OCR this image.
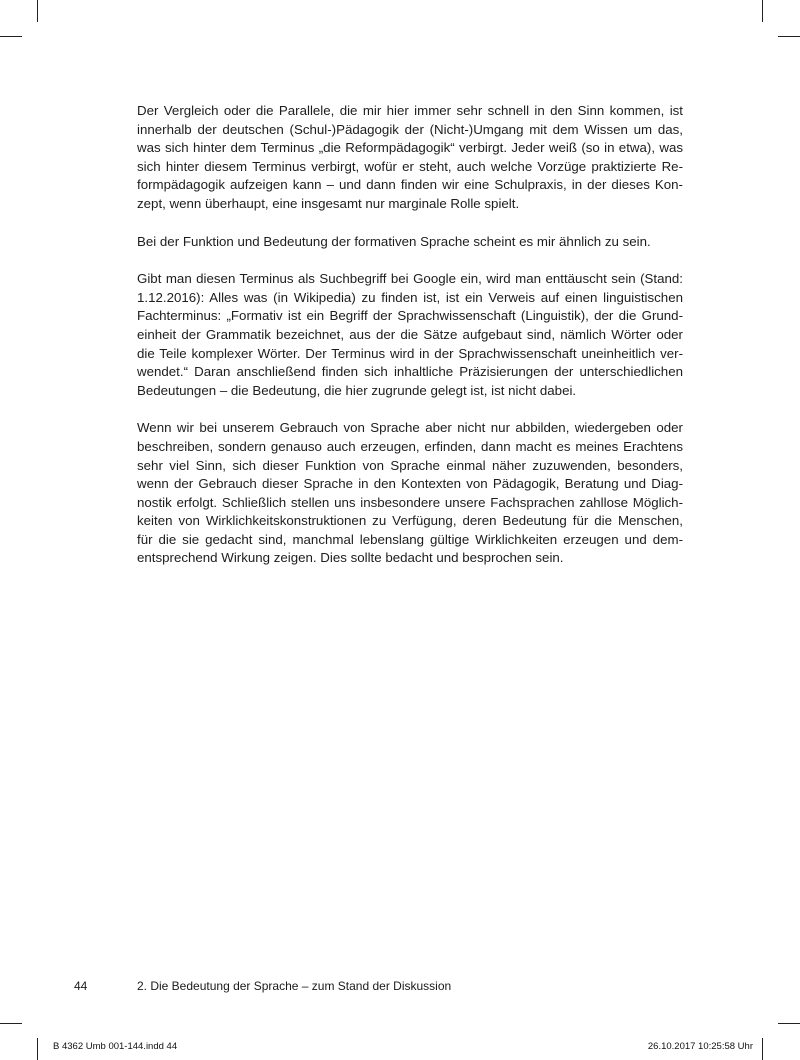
Der Vergleich oder die Parallele, die mir hier immer sehr schnell in den Sinn kommen, ist
innerhalb der deutschen (Schul-)Pädagogik der (Nicht-)Umgang mit dem Wissen um das,
was sich hinter dem Terminus „die Reformpädagogik“ verbirgt. Jeder weiß (so in etwa), was
sich hinter diesem Terminus verbirgt, wofür er steht, auch welche Vorzüge praktizierte Re-
formpädagogik aufzeigen kann – und dann finden wir eine Schulpraxis, in der dieses Kon-
zept, wenn überhaupt, eine insgesamt nur marginale Rolle spielt.
Bei der Funktion und Bedeutung der formativen Sprache scheint es mir ähnlich zu sein.
Gibt man diesen Terminus als Suchbegriff bei Google ein, wird man enttäuscht sein (Stand:
1.12.2016): Alles was (in Wikipedia) zu finden ist, ist ein Verweis auf einen linguistischen
Fachterminus: „Formativ ist ein Begriff der Sprachwissenschaft (Linguistik), der die Grund-
einheit der Grammatik bezeichnet, aus der die Sätze aufgebaut sind, nämlich Wörter oder
die Teile komplexer Wörter. Der Terminus wird in der Sprachwissenschaft uneinheitlich ver-
wendet.“ Daran anschließend finden sich inhaltliche Präzisierungen der unterschiedlichen
Bedeutungen – die Bedeutung, die hier zugrunde gelegt ist, ist nicht dabei.
Wenn wir bei unserem Gebrauch von Sprache aber nicht nur abbilden, wiedergeben oder
beschreiben, sondern genauso auch erzeugen, erfinden, dann macht es meines Erachtens
sehr viel Sinn, sich dieser Funktion von Sprache einmal näher zuzuwenden, besonders,
wenn der Gebrauch dieser Sprache in den Kontexten von Pädagogik, Beratung und Diag-
nostik erfolgt. Schließlich stellen uns insbesondere unsere Fachsprachen zahllose Möglich-
keiten von Wirklichkeitskonstruktionen zu Verfügung, deren Bedeutung für die Menschen,
für die sie gedacht sind, manchmal lebenslang gültige Wirklichkeiten erzeugen und dem-
entsprechend Wirkung zeigen. Dies sollte bedacht und besprochen sein.
44	2. Die Bedeutung der Sprache – zum Stand der Diskussion
B 4362 Umb 001-144.indd 44	26.10.2017 10:25:58 Uhr
